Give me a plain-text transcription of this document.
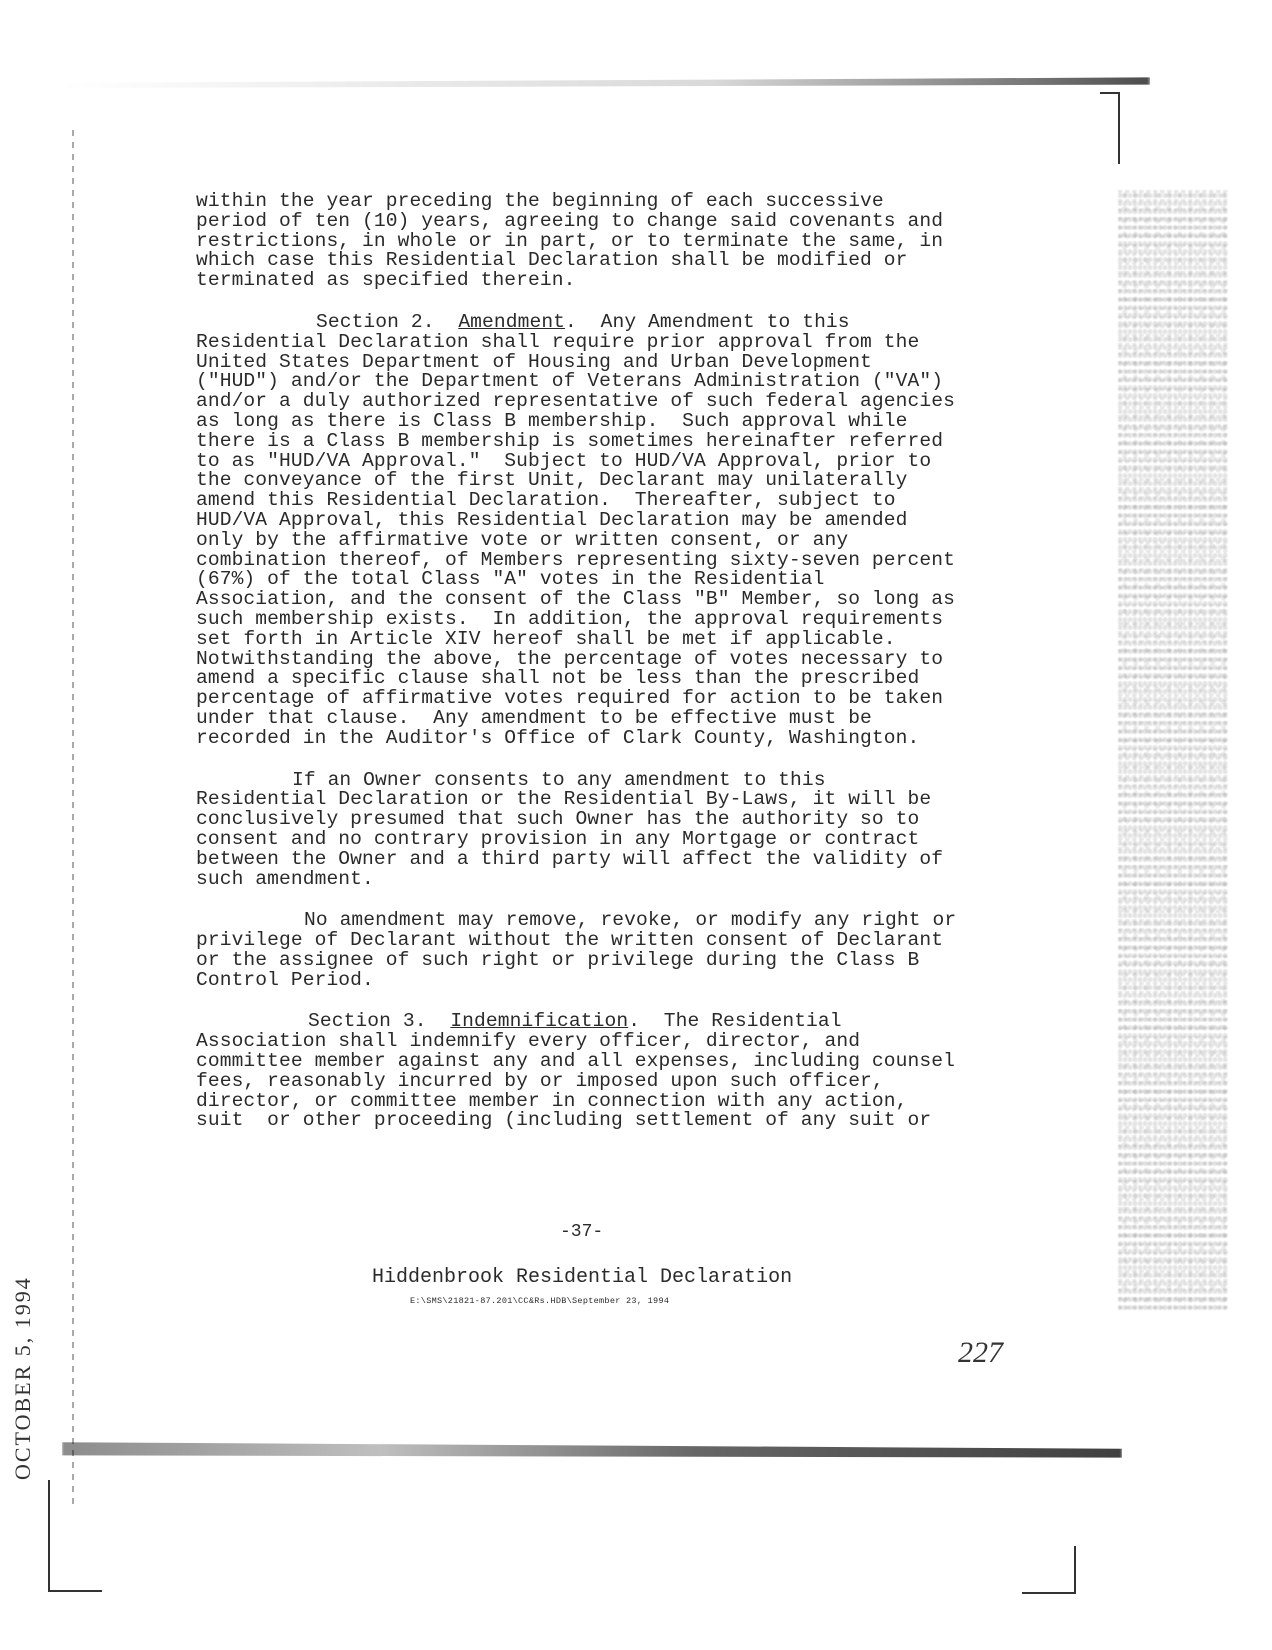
within the year preceding the beginning of each successive
period of ten (10) years, agreeing to change said covenants and
restrictions, in whole or in part, or to terminate the same, in
which case this Residential Declaration shall be modified or
terminated as specified therein.
Section 2.  Amendment.  Any Amendment to this
Residential Declaration shall require prior approval from the
United States Department of Housing and Urban Development
("HUD") and/or the Department of Veterans Administration ("VA")
and/or a duly authorized representative of such federal agencies
as long as there is Class B membership.  Such approval while
there is a Class B membership is sometimes hereinafter referred
to as "HUD/VA Approval."  Subject to HUD/VA Approval, prior to
the conveyance of the first Unit, Declarant may unilaterally
amend this Residential Declaration.  Thereafter, subject to
HUD/VA Approval, this Residential Declaration may be amended
only by the affirmative vote or written consent, or any
combination thereof, of Members representing sixty-seven percent
(67%) of the total Class "A" votes in the Residential
Association, and the consent of the Class "B" Member, so long as
such membership exists.  In addition, the approval requirements
set forth in Article XIV hereof shall be met if applicable.
Notwithstanding the above, the percentage of votes necessary to
amend a specific clause shall not be less than the prescribed
percentage of affirmative votes required for action to be taken
under that clause.  Any amendment to be effective must be
recorded in the Auditor's Office of Clark County, Washington.
If an Owner consents to any amendment to this
Residential Declaration or the Residential By-Laws, it will be
conclusively presumed that such Owner has the authority so to
consent and no contrary provision in any Mortgage or contract
between the Owner and a third party will affect the validity of
such amendment.
No amendment may remove, revoke, or modify any right or
privilege of Declarant without the written consent of Declarant
or the assignee of such right or privilege during the Class B
Control Period.
Section 3.  Indemnification.  The Residential
Association shall indemnify every officer, director, and
committee member against any and all expenses, including counsel
fees, reasonably incurred by or imposed upon such officer,
director, or committee member in connection with any action,
suit  or other proceeding (including settlement of any suit or
-37-
Hiddenbrook Residential Declaration
E:\SMS\21821-87.201\CC&Rs.HDB\September 23, 1994
227
OCTOBER 5, 1994
